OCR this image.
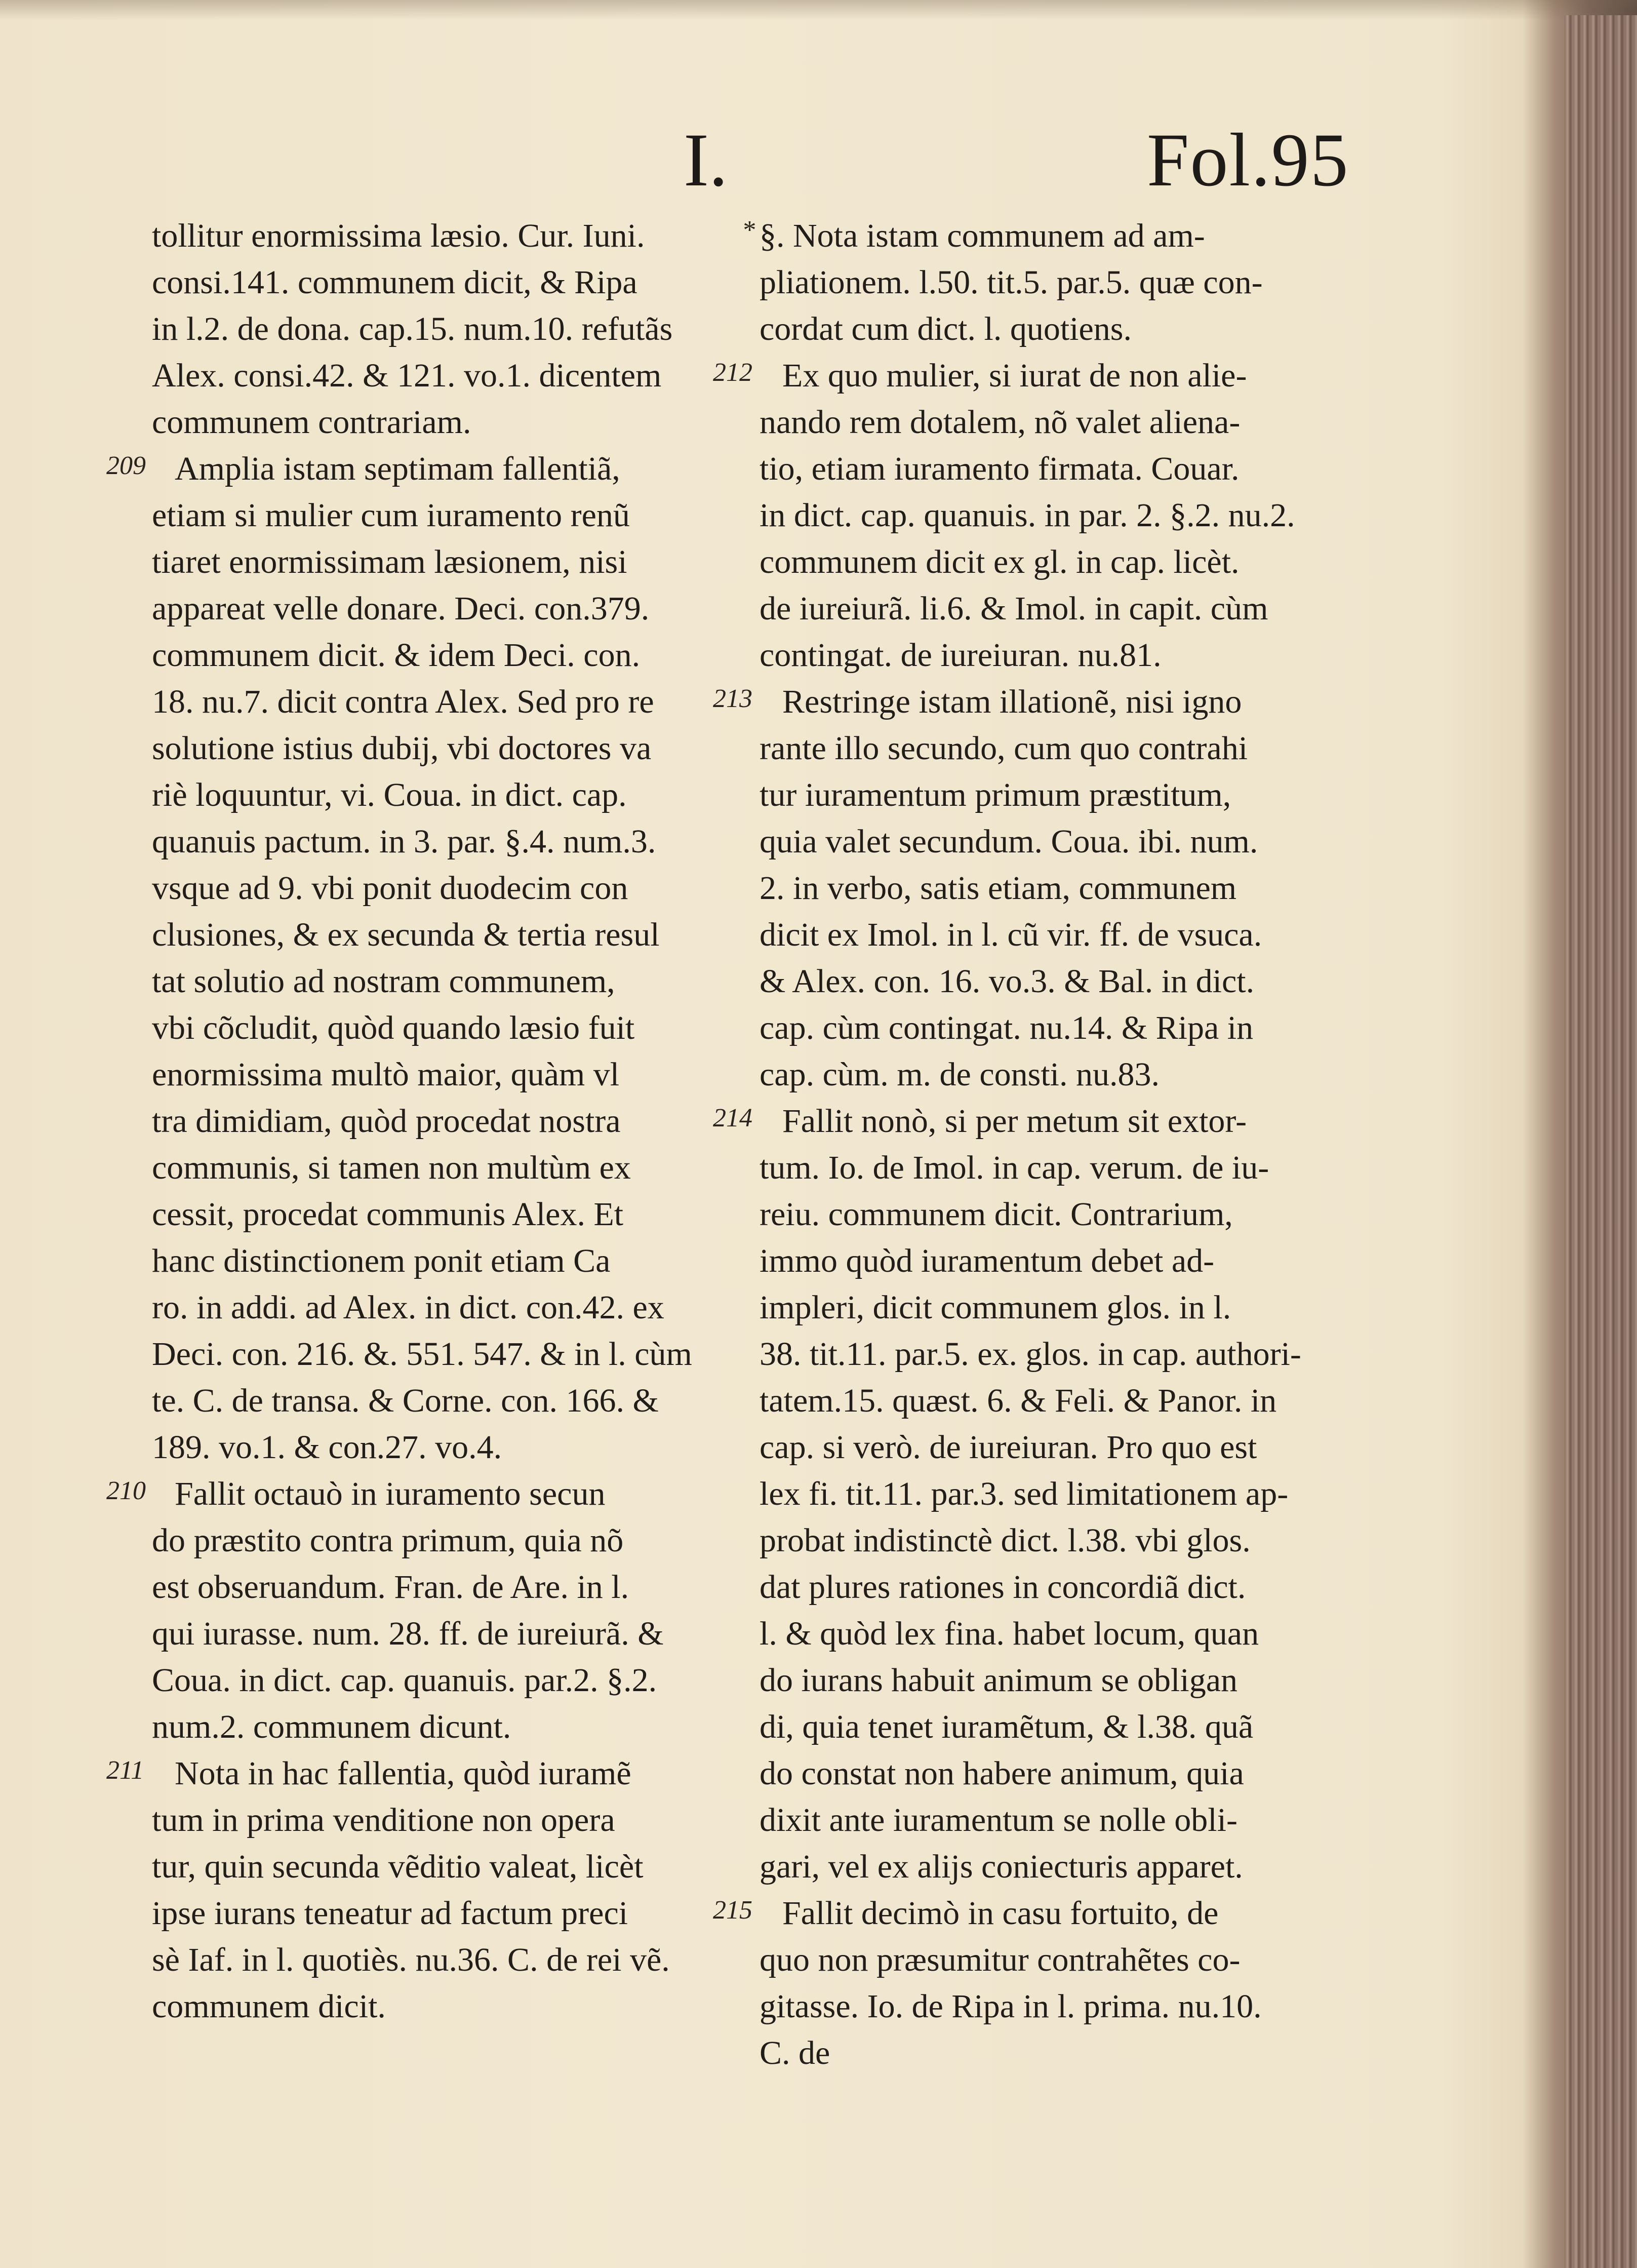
I.	Fol.95
tollitur enormissima læsio. Cur. Iuni.
consi.141. communem dicit, & Ripa
in l.2. de dona. cap.15. num.10. refutãs
Alex. consi.42. & 121. vo.1. dicentem
communem contrariam.
Amplia istam septimam fallentiã,
etiam si mulier cum iuramento renũ
tiaret enormissimam læsionem, nisi
appareat velle donare. Deci. con.379.
communem dicit. & idem Deci. con.
18. nu.7. dicit contra Alex. Sed pro re
solutione istius dubij, vbi doctores va
riè loquuntur, vi. Coua. in dict. cap.
quanuis pactum. in 3. par. §.4. num.3.
vsque ad 9. vbi ponit duodecim con
clusiones, & ex secunda & tertia resul
tat solutio ad nostram communem,
vbi cõcludit, quòd quando læsio fuit
enormissima multò maior, quàm vl
tra dimidiam, quòd procedat nostra
communis, si tamen non multùm ex
cessit, procedat communis Alex. Et
hanc distinctionem ponit etiam Ca
ro. in addi. ad Alex. in dict. con.42. ex
Deci. con. 216. &. 551. 547. & in l. cùm
te. C. de transa. & Corne. con. 166. &
189. vo.1. & con.27. vo.4.
Fallit octauò in iuramento secun
do præstito contra primum, quia nõ
est obseruandum. Fran. de Are. in l.
qui iurasse. num. 28. ff. de iureiurã. &
Coua. in dict. cap. quanuis. par.2. §.2.
num.2. communem dicunt.
Nota in hac fallentia, quòd iuramẽ
tum in prima venditione non opera
tur, quin secunda vẽditio valeat, licèt
ipse iurans teneatur ad factum preci
sè Iaf. in l. quotiès. nu.36. C. de rei vẽ.
communem dicit.
209
210
211
§. Nota istam communem ad am-
pliationem. l.50. tit.5. par.5. quæ con-
cordat cum dict. l. quotiens.
Ex quo mulier, si iurat de non alie-
nando rem dotalem, nõ valet aliena-
tio, etiam iuramento firmata. Couar.
in dict. cap. quanuis. in par. 2. §.2. nu.2.
communem dicit ex gl. in cap. licèt.
de iureiurã. li.6. & Imol. in capit. cùm
contingat. de iureiuran. nu.81.
Restringe istam illationẽ, nisi igno
rante illo secundo, cum quo contrahi
tur iuramentum primum præstitum,
quia valet secundum. Coua. ibi. num.
2. in verbo, satis etiam, communem
dicit ex Imol. in l. cũ vir. ff. de vsuca.
& Alex. con. 16. vo.3. & Bal. in dict.
cap. cùm contingat. nu.14. & Ripa in
cap. cùm. m. de consti. nu.83.
Fallit nonò, si per metum sit extor-
tum. Io. de Imol. in cap. verum. de iu-
reiu. communem dicit. Contrarium,
immo quòd iuramentum debet ad-
impleri, dicit communem glos. in l.
38. tit.11. par.5. ex. glos. in cap. authori-
tatem.15. quæst. 6. & Feli. & Panor. in
cap. si verò. de iureiuran. Pro quo est
lex fi. tit.11. par.3. sed limitationem ap-
probat indistinctè dict. l.38. vbi glos.
dat plures rationes in concordiã dict.
l. & quòd lex fina. habet locum, quan
do iurans habuit animum se obligan
di, quia tenet iuramẽtum, & l.38. quã
do constat non habere animum, quia
dixit ante iuramentum se nolle obli-
gari, vel ex alijs coniecturis apparet.
Fallit decimò in casu fortuito, de
quo non præsumitur contrahẽtes co-
gitasse. Io. de Ripa in l. prima. nu.10.
C. de
212
213
214
215
*
